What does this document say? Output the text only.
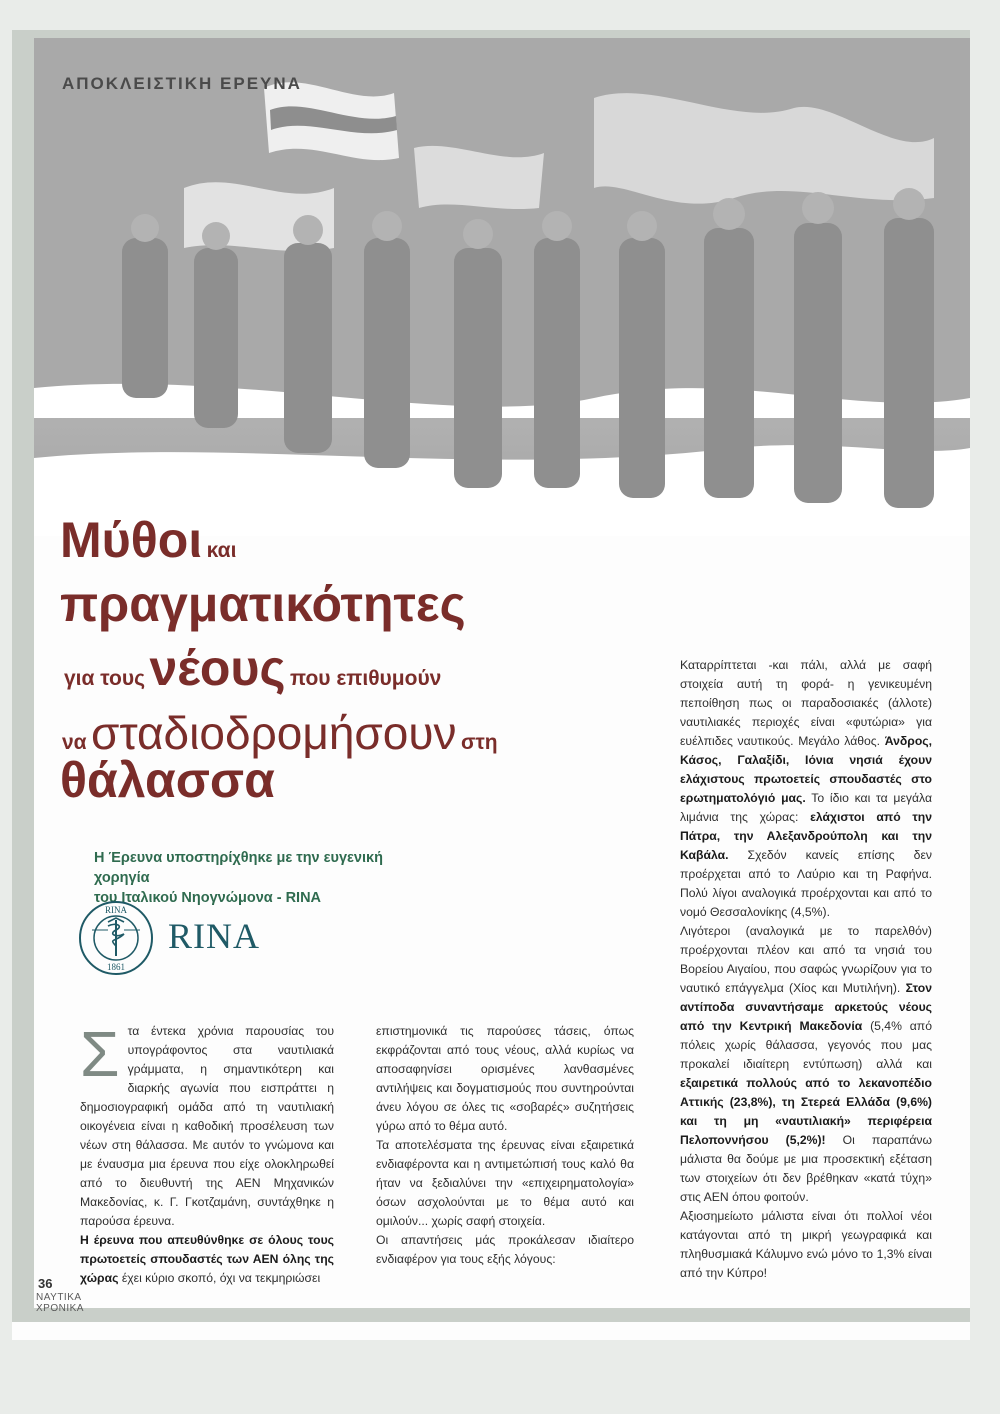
ΑΠΟΚΛΕΙΣΤΙΚΗ ΕΡΕΥΝΑ
Μύθοι και
πραγματικότητες
για τους νέους που επιθυμούν
να σταδιοδρομήσουν στη
θάλασσα
Η Έρευνα υποστηρίχθηκε με την ευγενική χορηγία
του Ιταλικού Νηογνώμονα - RINA
RINA
1861
RINA

Σ τα έντεκα χρόνια παρουσίας του υπογράφοντος στα ναυτιλιακά γράμματα, η σημαντικότερη και διαρκής αγωνία που εισπράττει η δημοσιογραφική ομάδα από τη ναυτιλιακή οικογένεια είναι η καθοδική προσέλευση των νέων στη θάλασσα. Με αυτόν το γνώμονα και με έναυσμα μια έρευνα που είχε ολοκληρωθεί από το διευθυντή της ΑΕΝ Μηχανικών Μακεδονίας, κ. Γ. Γκοτζαμάνη, συντάχθηκε η παρούσα έρευνα.

Η έρευνα που απευθύνθηκε σε όλους τους πρωτοετείς σπουδαστές των ΑΕΝ όλης της χώρας έχει κύριο σκοπό, όχι να τεκμηριώσει

επιστημονικά τις παρούσες τάσεις, όπως εκφράζονται από τους νέους, αλλά κυρίως να αποσαφηνίσει ορισμένες λανθασμένες αντιλήψεις και δογματισμούς που συντηρούνται άνευ λόγου σε όλες τις «σοβαρές» συζητήσεις γύρω από το θέμα αυτό.

Τα αποτελέσματα της έρευνας είναι εξαιρετικά ενδιαφέροντα και η αντιμετώπισή τους καλό θα ήταν να ξεδιαλύνει την «επιχειρηματολογία» όσων ασχολούνται με το θέμα αυτό και ομιλούν... χωρίς σαφή στοιχεία.

Οι απαντήσεις μάς προκάλεσαν ιδιαίτερο ενδιαφέρον για τους εξής λόγους:

Καταρρίπτεται -και πάλι, αλλά με σαφή στοιχεία αυτή τη φορά- η γενικευμένη πεποίθηση πως οι παραδοσιακές (άλλοτε) ναυτιλιακές περιοχές είναι «φυτώρια» για ευέλπιδες ναυτικούς. Μεγάλο λάθος. Άνδρος, Κάσος, Γαλαξίδι, Ιόνια νησιά έχουν ελάχιστους πρωτοετείς σπουδαστές στο ερωτηματολόγιό μας. Το ίδιο και τα μεγάλα λιμάνια της χώρας: ελάχιστοι από την Πάτρα, την Αλεξανδρούπολη και την Καβάλα. Σχεδόν κανείς επίσης δεν προέρχεται από το Λαύριο και τη Ραφήνα. Πολύ λίγοι αναλογικά προέρχονται και από το νομό Θεσσαλονίκης (4,5%).

Λιγότεροι (αναλογικά με το παρελθόν) προέρχονται πλέον και από τα νησιά του Βορείου Αιγαίου, που σαφώς γνωρίζουν για το ναυτικό επάγγελμα (Χίος και Μυτιλήνη). Στον αντίποδα συναντήσαμε αρκετούς νέους από την Κεντρική Μακεδονία (5,4% από πόλεις χωρίς θάλασσα, γεγονός που μας προκαλεί ιδιαίτερη εντύπωση) αλλά και εξαιρετικά πολλούς από το λεκανοπέδιο Αττικής (23,8%), τη Στερεά Ελλάδα (9,6%) και τη μη «ναυτιλιακή» περιφέρεια Πελοποννήσου (5,2%)! Οι παραπάνω μάλιστα θα δούμε με μια προσεκτική εξέταση των στοιχείων ότι δεν βρέθηκαν «κατά τύχη» στις ΑΕΝ όπου φοιτούν.

Αξιοσημείωτο μάλιστα είναι ότι πολλοί νέοι κατάγονται από τη μικρή γεωγραφικά και πληθυσμιακά Κάλυμνο ενώ μόνο το 1,3% είναι από την Κύπρο!

36
ΝΑΥΤΙΚΑ
ΧΡΟΝΙΚΑ
